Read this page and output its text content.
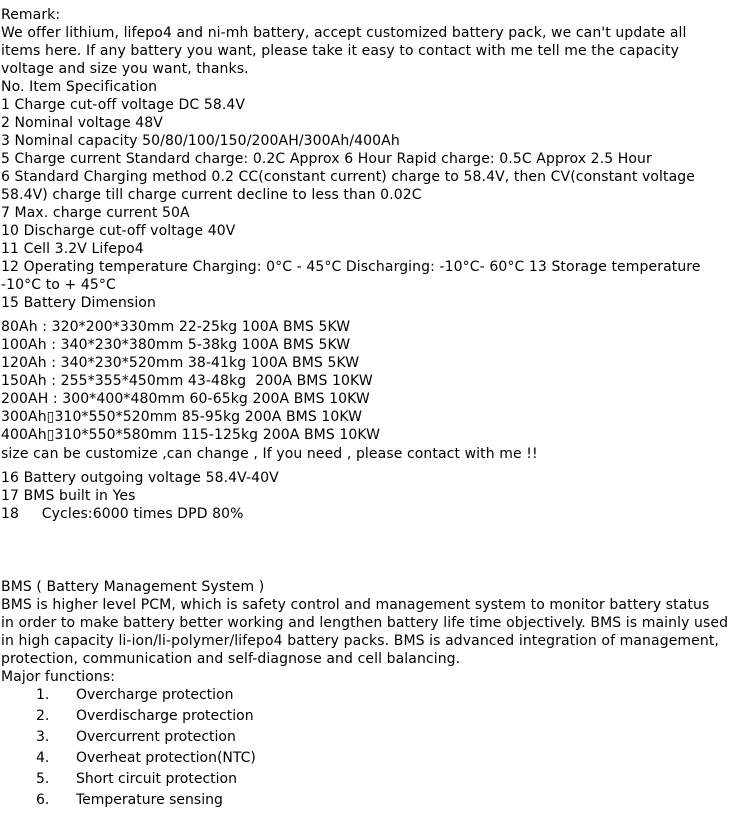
Remark:
We offer lithium, lifepo4 and ni-mh battery, accept customized battery pack, we can't update all
items here. If any battery you want, please take it easy to contact with me tell me the capacity
voltage and size you want, thanks.
No. Item Specification
1 Charge cut-off voltage DC 58.4V
2 Nominal voltage 48V
3 Nominal capacity 50/80/100/150/200AH/300Ah/400Ah
5 Charge current Standard charge: 0.2C Approx 6 Hour Rapid charge: 0.5C Approx 2.5 Hour
6 Standard Charging method 0.2 CC(constant current) charge to 58.4V, then CV(constant voltage
58.4V) charge till charge current decline to less than 0.02C
7 Max. charge current 50A
10 Discharge cut-off voltage 40V
11 Cell 3.2V Lifepo4
12 Operating temperature Charging: 0°C - 45°C Discharging: -10°C- 60°C 13 Storage temperature
-10°C to + 45°C
15 Battery Dimension
80Ah : 320*200*330mm 22-25kg 100A BMS 5KW
100Ah : 340*230*380mm 5-38kg 100A BMS 5KW
120Ah : 340*230*520mm 38-41kg 100A BMS 5KW
150Ah : 255*355*450mm 43-48kg  200A BMS 10KW
200AH : 300*400*480mm 60-65kg 200A BMS 10KW
300Ah▯310*550*520mm 85-95kg 200A BMS 10KW
400Ah▯310*550*580mm 115-125kg 200A BMS 10KW
size can be customize ,can change , If you need , please contact with me !!
16 Battery outgoing voltage 58.4V-40V
17 BMS built in Yes
18     Cycles:6000 times DPD 80%
BMS ( Battery Management System )
BMS is higher level PCM, which is safety control and management system to monitor battery status
in order to make battery better working and lengthen battery life time objectively. BMS is mainly used
in high capacity li-ion/li-polymer/lifepo4 battery packs. BMS is advanced integration of management,
protection, communication and self-diagnose and cell balancing.
Major functions:
1. Overcharge protection
2. Overdischarge protection
3. Overcurrent protection
4. Overheat protection(NTC)
5. Short circuit protection
6. Temperature sensing
